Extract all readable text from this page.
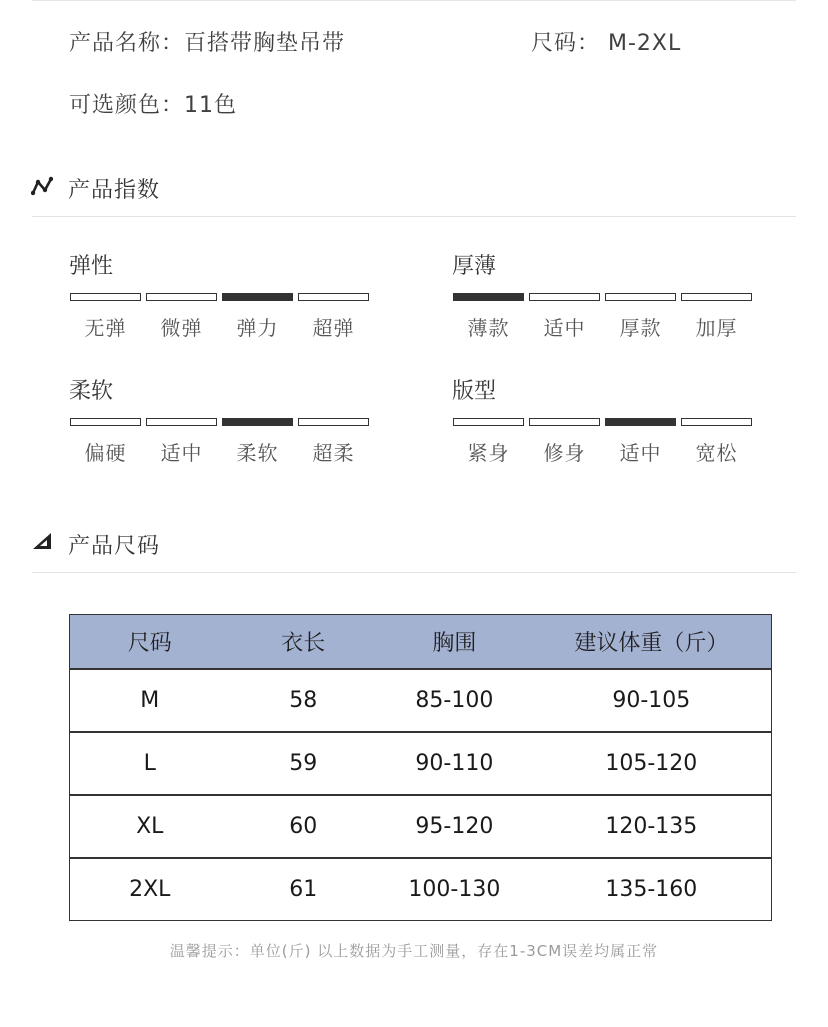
产品名称：百搭带胸垫吊带	尺码： M-2XL
可选颜色：11色
产品指数
弹性
无弹	微弹	弹力	超弹
厚薄
薄款	适中	厚款	加厚
柔软
偏硬	适中	柔软	超柔
版型
紧身	修身	适中	宽松
产品尺码
尺码	衣长	胸围	建议体重（斤）
M	58	85-100	90-105
L	59	90-110	105-120
XL	60	95-120	120-135
2XL	61	100-130	135-160
温馨提示：单位(斤) 以上数据为手工测量，存在1-3CM误差均属正常
